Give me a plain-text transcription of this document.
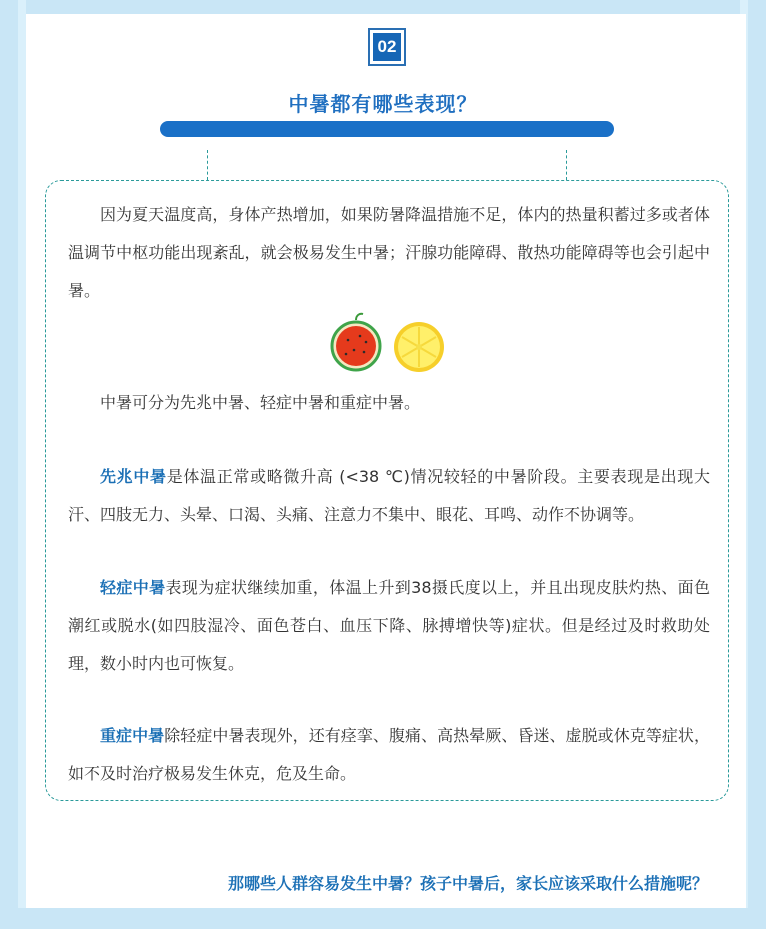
02
中暑都有哪些表现？
因为夏天温度高，身体产热增加，如果防暑降温措施不足，体内的热量积蓄过多或者体温调节中枢功能出现紊乱，就会极易发生中暑；汗腺功能障碍、散热功能障碍等也会引起中暑。
中暑可分为先兆中暑、轻症中暑和重症中暑。
先兆中暑是体温正常或略微升高 (<38 ℃)情况较轻的中暑阶段。主要表现是出现大汗、四肢无力、头晕、口渴、头痛、注意力不集中、眼花、耳鸣、动作不协调等。
轻症中暑表现为症状继续加重，体温上升到38摄氏度以上，并且出现皮肤灼热、面色潮红或脱水(如四肢湿冷、面色苍白、血压下降、脉搏增快等)症状。但是经过及时救助处理，数小时内也可恢复。
重症中暑除轻症中暑表现外，还有痉挛、腹痛、高热晕厥、昏迷、虚脱或休克等症状，如不及时治疗极易发生休克，危及生命。
那哪些人群容易发生中暑？孩子中暑后，家长应该采取什么措施呢？
